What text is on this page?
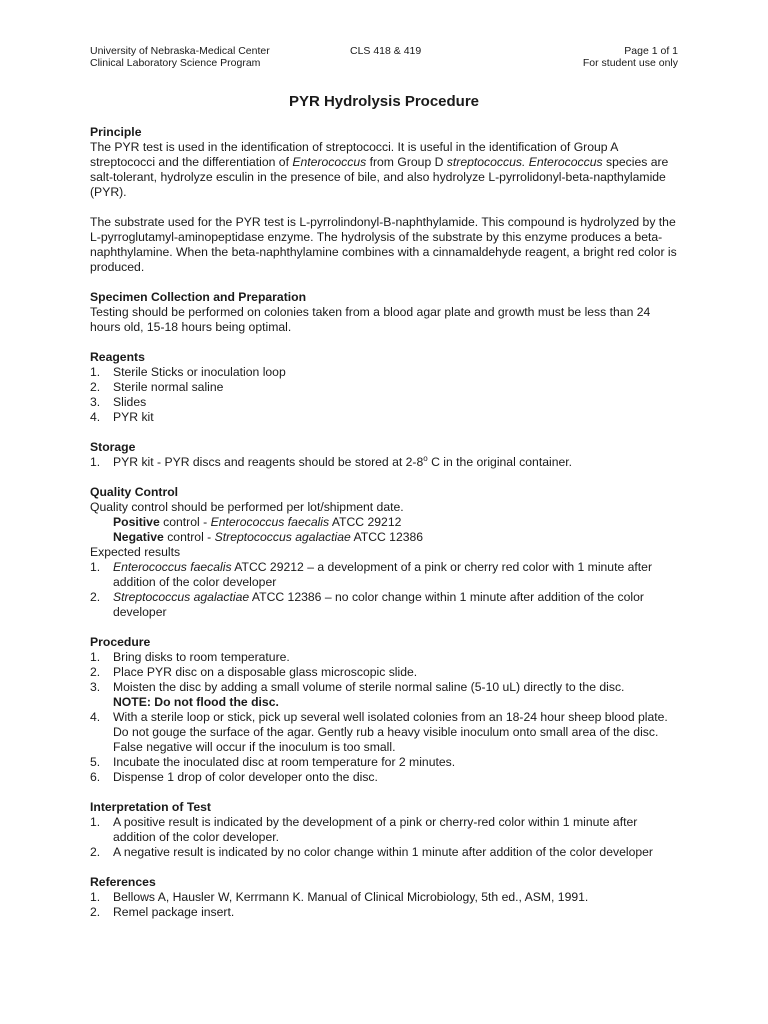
University of Nebraska-Medical Center	CLS 418 & 419	Page 1 of 1
Clinical Laboratory Science Program	For student use only
PYR Hydrolysis Procedure
Principle

The PYR test is used in the identification of streptococci. It is useful in the identification of Group A streptococci and the differentiation of Enterococcus from Group D streptococcus. Enterococcus species are salt-tolerant, hydrolyze esculin in the presence of bile, and also hydrolyze L-pyrrolidonyl-beta-napthylamide (PYR).

The substrate used for the PYR test is L-pyrrolindonyl-B-naphthylamide. This compound is hydrolyzed by the L-pyrroglutamyl-aminopeptidase enzyme. The hydrolysis of the substrate by this enzyme produces a beta-naphthylamine. When the beta-naphthylamine combines with a cinnamaldehyde reagent, a bright red color is produced.

Specimen Collection and Preparation

Testing should be performed on colonies taken from a blood agar plate and growth must be less than 24 hours old, 15-18 hours being optimal.

Reagents
1. Sterile Sticks or inoculation loop
2. Sterile normal saline
3. Slides
4. PYR kit
Storage
1. PYR kit - PYR discs and reagents should be stored at 2-8$^o$ C in the original container.
Quality Control

Quality control should be performed per lot/shipment date.

Positive control - Enterococcus faecalis ATCC 29212

Negative control - Streptococcus agalactiae ATCC 12386

Expected results

1. Enterococcus faecalis ATCC 29212 – a development of a pink or cherry red color with 1 minute after addition of the color developer
2. Streptococcus agalactiae ATCC 12386 – no color change within 1 minute after addition of the color developer
Procedure
1. Bring disks to room temperature.
2. Place PYR disc on a disposable glass microscopic slide.
3. Moisten the disc by adding a small volume of sterile normal saline (5-10 uL) directly to the disc.
NOTE: Do not flood the disc.
4. With a sterile loop or stick, pick up several well isolated colonies from an 18-24 hour sheep blood plate. Do not gouge the surface of the agar. Gently rub a heavy visible inoculum onto small area of the disc. False negative will occur if the inoculum is too small.
5. Incubate the inoculated disc at room temperature for 2 minutes.
6. Dispense 1 drop of color developer onto the disc.
Interpretation of Test
1. A positive result is indicated by the development of a pink or cherry-red color within 1 minute after addition of the color developer.
2. A negative result is indicated by no color change within 1 minute after addition of the color developer
References
1. Bellows A, Hausler W, Kerrmann K. Manual of Clinical Microbiology, 5th ed., ASM, 1991.
2. Remel package insert.
